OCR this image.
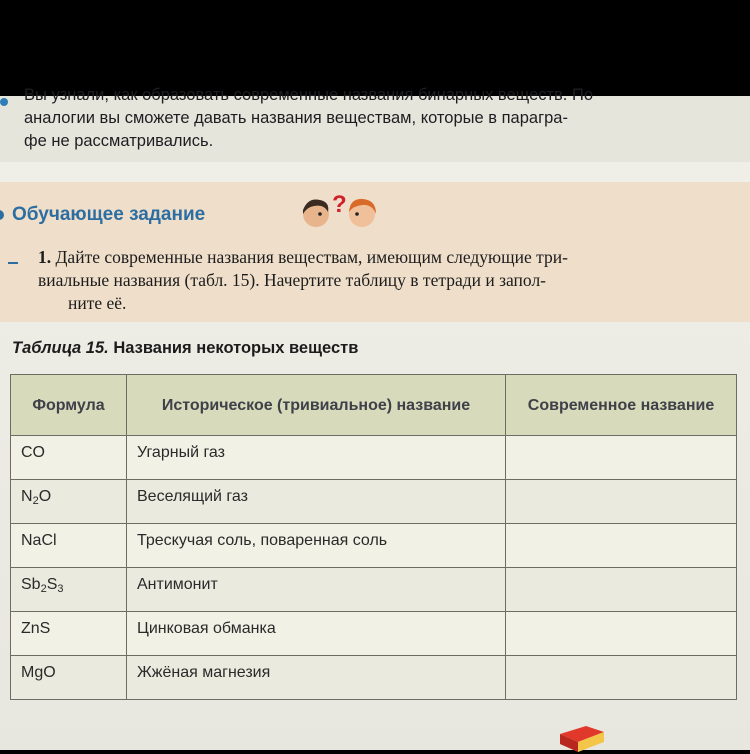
Вы узнали, как образовать современные названия бинарных веществ. По
аналогии вы сможете давать названия веществам, которые в парагра-
фе не рассматривались.
Обучающее задание	?
1. Дайте современные названия веществам, имеющим следующие три-
виальные названия (табл. 15). Начертите таблицу в тетради и запол-
ните её.
Таблица 15. Названия некоторых веществ
Формула	Историческое (тривиальное) название	Современное название
CO	Угарный газ	
$N_2O$	Веселящий газ	
NaCl	Трескучая соль, поваренная соль	
$Sb_2S_3$	Антимонит	
ZnS	Цинковая обманка	
MgO	Жжёная магнезия	
